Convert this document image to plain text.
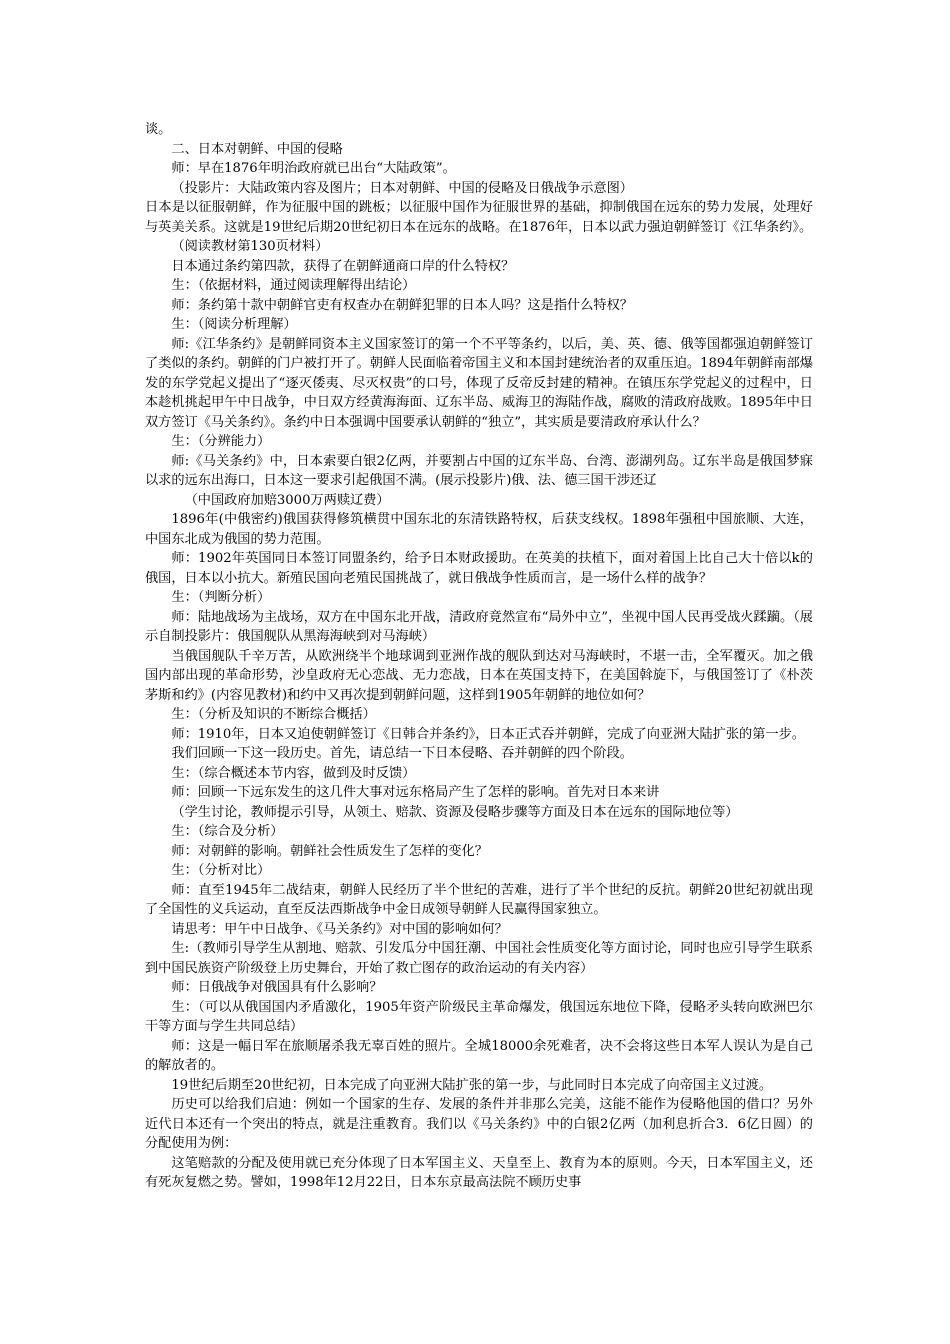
谈。

二、日本对朝鲜、中国的侵略

师：早在1876年明治政府就已出台“大陆政策”。

（投影片：大陆政策内容及图片；日本对朝鲜、中国的侵略及日俄战争示意图）

日本是以征服朝鲜，作为征服中国的跳板；以征服中国作为征服世界的基础，抑制俄国在远东的势力发展，处理好与英美关系。这就是19世纪后期20世纪初日本在远东的战略。在1876年，日本以武力强迫朝鲜签订《江华条约》。

（阅读教材第130页材料）

日本通过条约第四款，获得了在朝鲜通商口岸的什么特权？

生：（依据材料，通过阅读理解得出结论）

师：条约第十款中朝鲜官吏有权查办在朝鲜犯罪的日本人吗？这是指什么特权？

生：（阅读分析理解）

师:《江华条约》是朝鲜同资本主义国家签订的第一个不平等条约，以后，美、英、德、俄等国都强迫朝鲜签订了类似的条约。朝鲜的门户被打开了。朝鲜人民面临着帝国主义和本国封建统治者的双重压迫。1894年朝鲜南部爆发的东学党起义提出了“逐灭倭夷、尽灭权贵”的口号，体现了反帝反封建的精神。在镇压东学党起义的过程中，日本趁机挑起甲午中日战争，中日双方经黄海海面、辽东半岛、威海卫的海陆作战，腐败的清政府战败。1895年中日双方签订《马关条约》。条约中日本强调中国要承认朝鲜的“独立”，其实质是要清政府承认什么？

生：（分辨能力）

师:《马关条约》中，日本索要白银2亿两，并要割占中国的辽东半岛、台湾、澎湖列岛。辽东半岛是俄国梦寐以求的远东出海口，日本这一要求引起俄国不满。(展示投影片)俄、法、德三国干涉还辽

（中国政府加赔3000万两赎辽费）

1896年(中俄密约)俄国获得修筑横贯中国东北的东清铁路特权，后获支线权。1898年强租中国旅顺、大连，中国东北成为俄国的势力范围。

师：1902年英国同日本签订同盟条约，给予日本财政援助。在英美的扶植下，面对着国上比自己大十倍以k的俄国，日本以小抗大。新殖民国向老殖民国挑战了，就日俄战争性质而言，是一场什么样的战争？

生：（判断分析）

师：陆地战场为主战场，双方在中国东北开战，清政府竟然宣布“局外中立”，坐视中国人民再受战火蹂躏。（展示自制投影片：俄国舰队从黑海海峡到对马海峡）

当俄国舰队千辛万苦，从欧洲绕半个地球调到亚洲作战的舰队到达对马海峡时，不堪一击，全军覆灭。加之俄国内部出现的革命形势，沙皇政府无心恋战、无力恋战，日本在英国支持下，在美国斡旋下，与俄国签订了《朴茨茅斯和约》(内容见教材)和约中又再次提到朝鲜问题，这样到1905年朝鲜的地位如何？

生：（分析及知识的不断综合概括）

师：1910年，日本又迫使朝鲜签订《日韩合并条约》，日本正式吞并朝鲜，完成了向亚洲大陆扩张的第一步。

我们回顾一下这一段历史。首先，请总结一下日本侵略、吞并朝鲜的四个阶段。

生：（综合概述本节内容，做到及时反馈）

师：回顾一下远东发生的这几件大事对远东格局产生了怎样的影响。首先对日本来讲

（学生讨论，教师提示引导，从领土、赔款、资源及侵略步骤等方面及日本在远东的国际地位等）

生：（综合及分析）

师：对朝鲜的影响。朝鲜社会性质发生了怎样的变化？

生：（分析对比）

师：直至1945年二战结束，朝鲜人民经历了半个世纪的苦难，进行了半个世纪的反抗。朝鲜20世纪初就出现了全国性的义兵运动，直至反法西斯战争中金日成领导朝鲜人民赢得国家独立。

请思考：甲午中日战争、《马关条约》对中国的影响如何？

生:（教师引导学生从割地、赔款、引发瓜分中国狂潮、中国社会性质变化等方面讨论，同时也应引导学生联系到中国民族资产阶级登上历史舞台，开始了救亡图存的政治运动的有关内容）

师：日俄战争对俄国具有什么影响？

生：（可以从俄国国内矛盾激化，1905年资产阶级民主革命爆发，俄国远东地位下降，侵略矛头转向欧洲巴尔干等方面与学生共同总结）

师：这是一幅日军在旅顺屠杀我无辜百姓的照片。全城18000余死难者，决不会将这些日本军人误认为是自己的解放者的。

19世纪后期至20世纪初，日本完成了向亚洲大陆扩张的第一步，与此同时日本完成了向帝国主义过渡。

历史可以给我们启迪：例如一个国家的生存、发展的条件并非那么完美，这能不能作为侵略他国的借口？另外近代日本还有一个突出的特点，就是注重教育。我们以《马关条约》中的白银2亿两（加利息折合3．6亿日圆）的分配使用为例：

这笔赔款的分配及使用就已充分体现了日本军国主义、天皇至上、教育为本的原则。今天，日本军国主义，还有死灰复燃之势。譬如，1998年12月22日，日本东京最高法院不顾历史事
